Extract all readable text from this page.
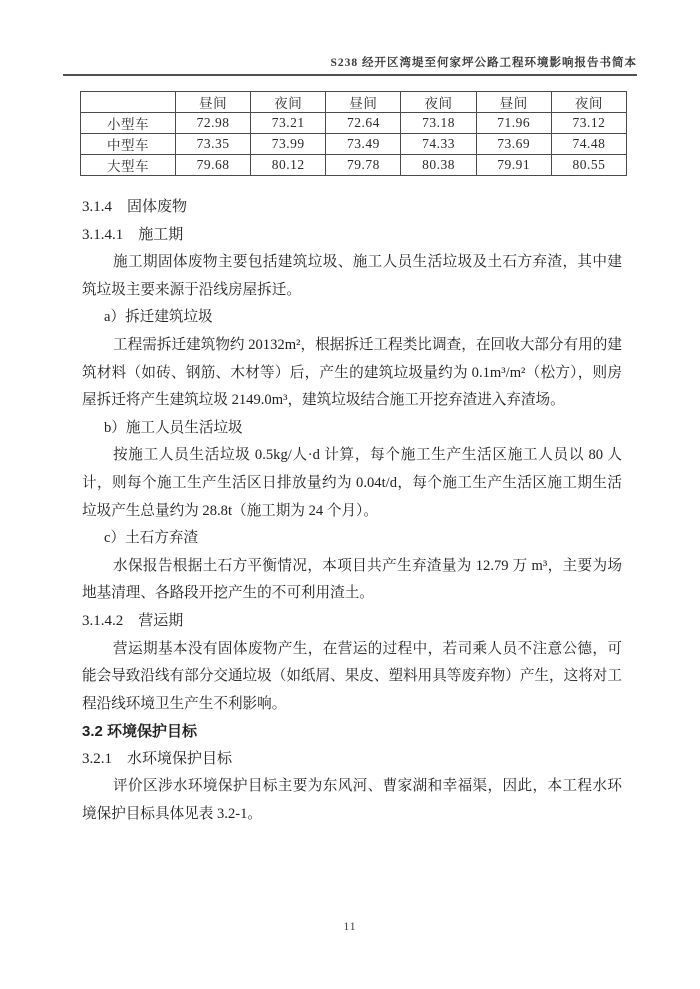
S238 经开区湾堤至何家坪公路工程环境影响报告书简本
	昼间	夜间	昼间	夜间	昼间	夜间
小型车	72.98	73.21	72.64	73.18	71.96	73.12
中型车	73.35	73.99	73.49	74.33	73.69	74.48
大型车	79.68	80.12	79.78	80.38	79.91	80.55
3.1.4　固体废物
3.1.4.1　施工期

施工期固体废物主要包括建筑垃圾、施工人员生活垃圾及土石方弃渣，其中建筑垃圾主要来源于沿线房屋拆迁。

a）拆迁建筑垃圾

工程需拆迁建筑物约 20132m²，根据拆迁工程类比调查，在回收大部分有用的建筑材料（如砖、钢筋、木材等）后，产生的建筑垃圾量约为 0.1m³/m²（松方），则房屋拆迁将产生建筑垃圾 2149.0m³，建筑垃圾结合施工开挖弃渣进入弃渣场。

b）施工人员生活垃圾

按施工人员生活垃圾 0.5kg/人·d 计算，每个施工生产生活区施工人员以 80 人计，则每个施工生产生活区日排放量约为 0.04t/d，每个施工生产生活区施工期生活垃圾产生总量约为 28.8t（施工期为 24 个月）。

c）土石方弃渣

水保报告根据土石方平衡情况，本项目共产生弃渣量为 12.79 万 m³，主要为场地基清理、各路段开挖产生的不可利用渣土。

3.1.4.2　营运期

营运期基本没有固体废物产生，在营运的过程中，若司乘人员不注意公德，可能会导致沿线有部分交通垃圾（如纸屑、果皮、塑料用具等废弃物）产生，这将对工程沿线环境卫生产生不利影响。

3.2 环境保护目标
3.2.1　水环境保护目标

评价区涉水环境保护目标主要为东风河、曹家湖和幸福渠，因此，本工程水环境保护目标具体见表 3.2-1。

11
